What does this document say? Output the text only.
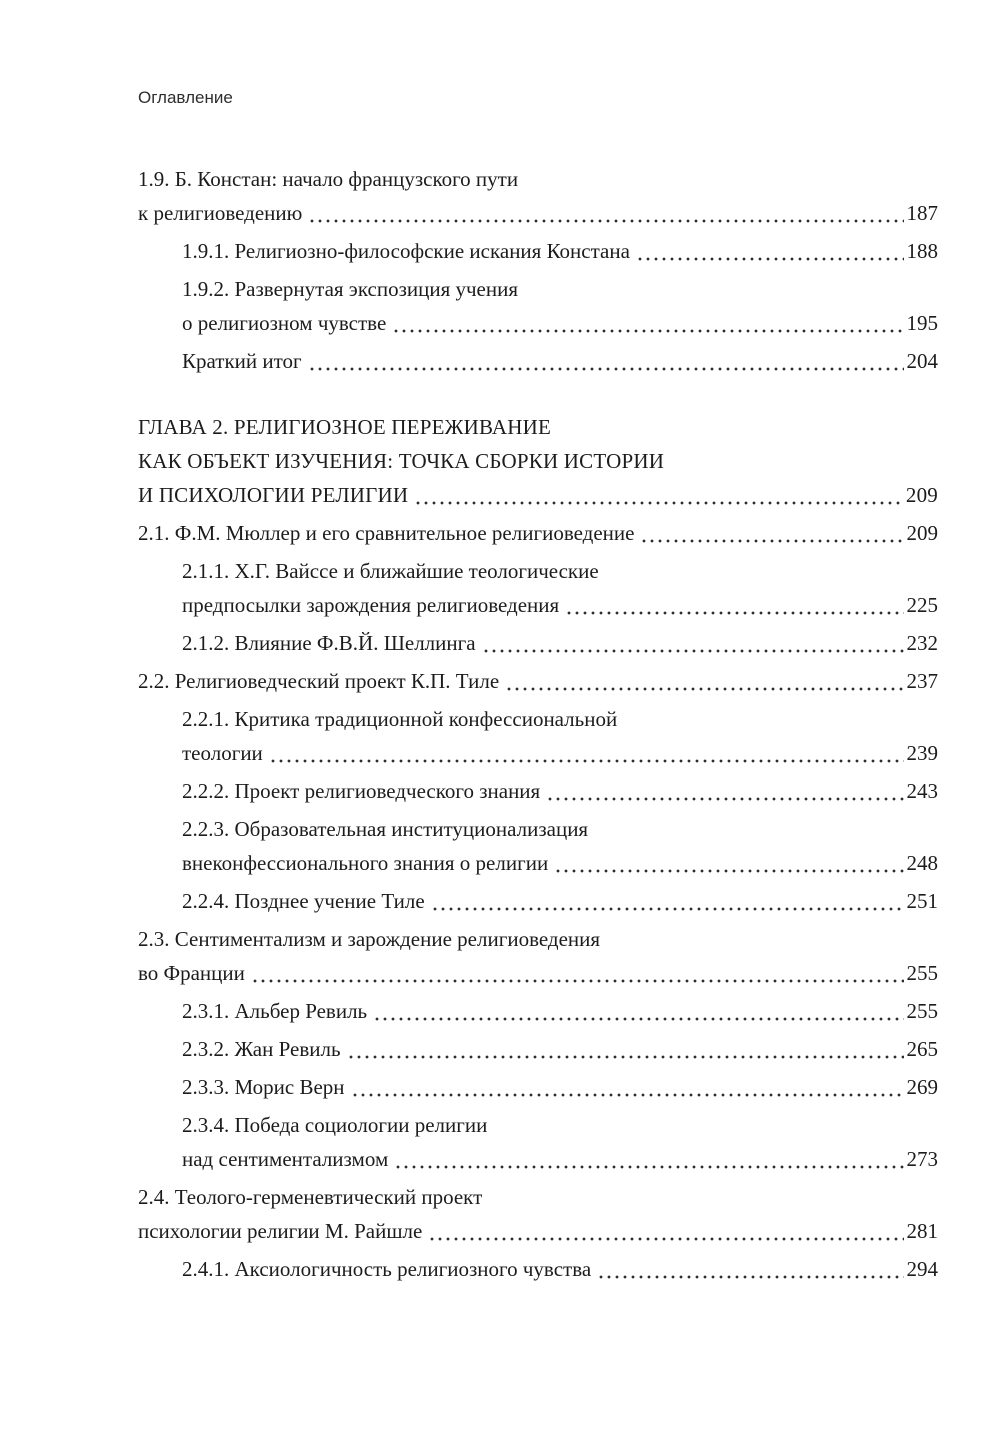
Оглавление
1.9. Б. Констан: начало французского пути
к религиоведению	187
1.9.1. Религиозно-философские искания Констана	188
1.9.2. Развернутая экспозиция учения
о религиозном чувстве	195
Краткий итог	204
ГЛАВА 2. РЕЛИГИОЗНОЕ ПЕРЕЖИВАНИЕ
КАК ОБЪЕКТ ИЗУЧЕНИЯ: ТОЧКА СБОРКИ ИСТОРИИ
И ПСИХОЛОГИИ РЕЛИГИИ	209
2.1. Ф.М. Мюллер и его сравнительное религиоведение	209
2.1.1. Х.Г. Вайссе и ближайшие теологические
предпосылки зарождения религиоведения	225
2.1.2. Влияние Ф.В.Й. Шеллинга	232
2.2. Религиоведческий проект К.П. Тиле	237
2.2.1. Критика традиционной конфессиональной
теологии	239
2.2.2. Проект религиоведческого знания	243
2.2.3. Образовательная институционализация
внеконфессионального знания о религии	248
2.2.4. Позднее учение Тиле	251
2.3. Сентиментализм и зарождение религиоведения
во Франции	255
2.3.1. Альбер Ревиль	255
2.3.2. Жан Ревиль	265
2.3.3. Морис Верн	269
2.3.4. Победа социологии религии
над сентиментализмом	273
2.4. Теолого-герменевтический проект
психологии религии М. Райшле	281
2.4.1. Аксиологичность религиозного чувства	294
